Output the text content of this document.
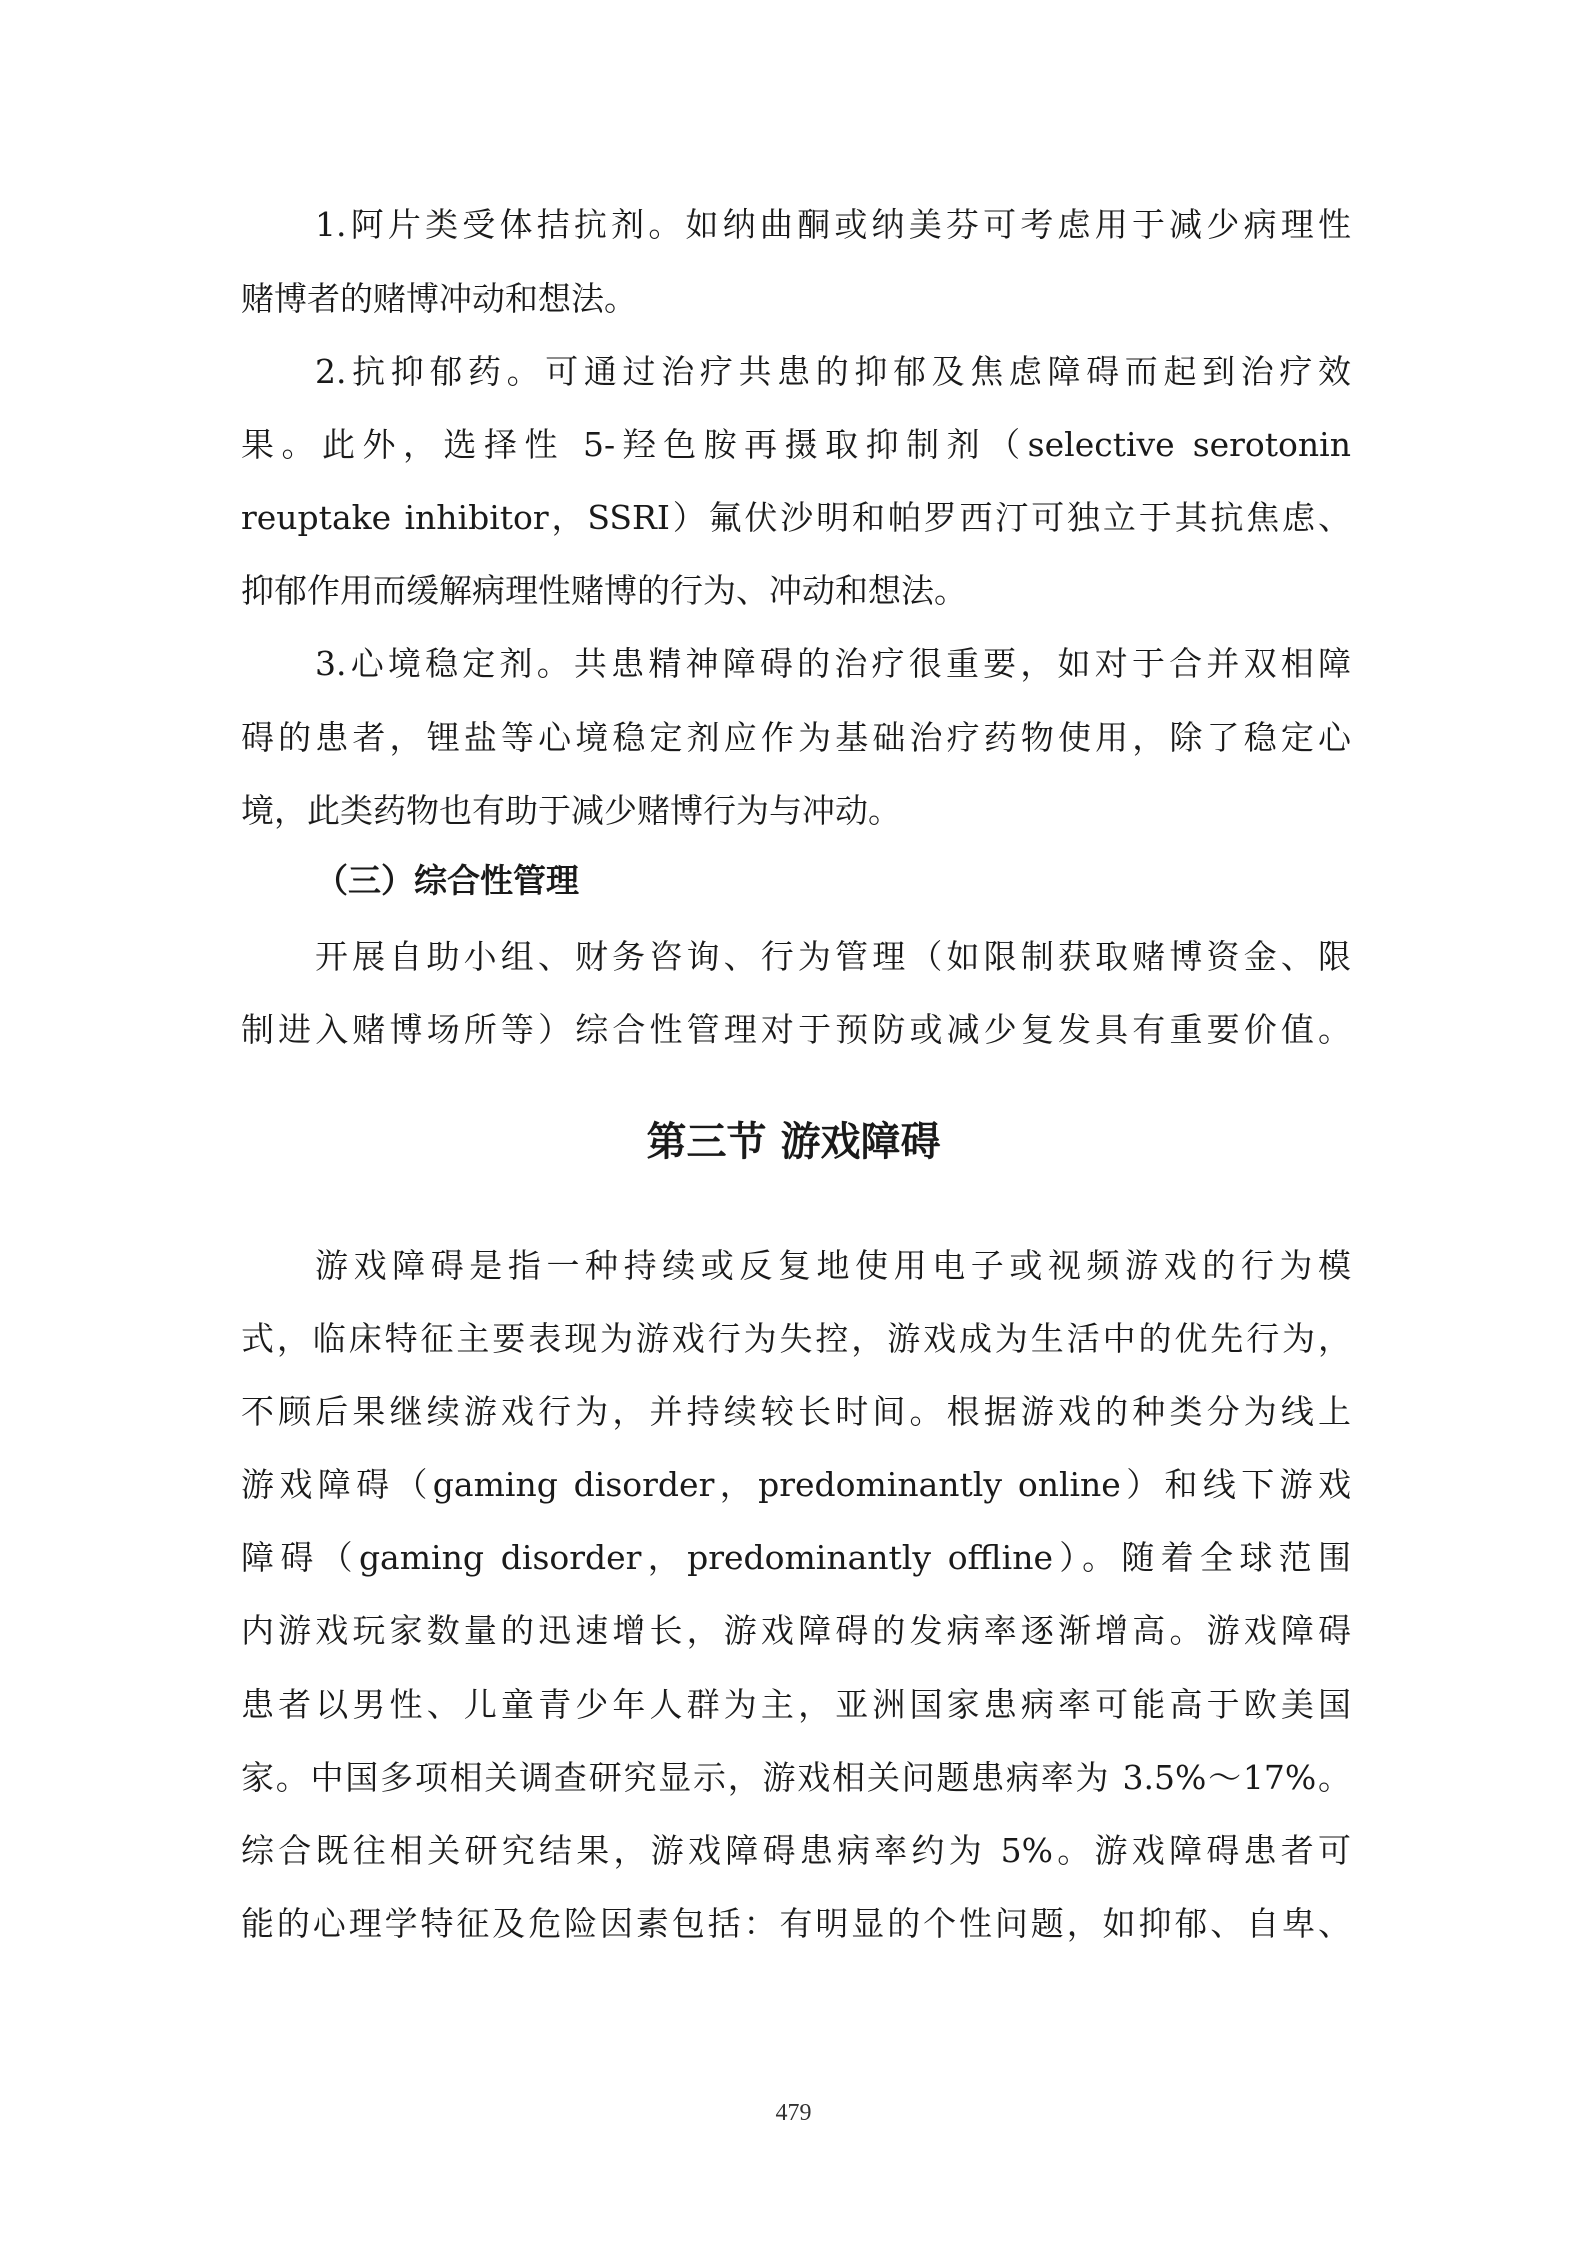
1.阿片类受体拮抗剂。如纳曲酮或纳美芬可考虑用于减少病理性
赌博者的赌博冲动和想法。
2.抗抑郁药。可通过治疗共患的抑郁及焦虑障碍而起到治疗效
果。此外，选择性 5-羟色胺再摄取抑制剂（selective serotonin
reuptake inhibitor，SSRI）氟伏沙明和帕罗西汀可独立于其抗焦虑、
抑郁作用而缓解病理性赌博的行为、冲动和想法。
3.心境稳定剂。共患精神障碍的治疗很重要，如对于合并双相障
碍的患者，锂盐等心境稳定剂应作为基础治疗药物使用，除了稳定心
境，此类药物也有助于减少赌博行为与冲动。
（三）综合性管理
开展自助小组、财务咨询、行为管理（如限制获取赌博资金、限
制进入赌博场所等）综合性管理对于预防或减少复发具有重要价值。
游戏障碍是指一种持续或反复地使用电子或视频游戏的行为模
式，临床特征主要表现为游戏行为失控，游戏成为生活中的优先行为，
不顾后果继续游戏行为，并持续较长时间。根据游戏的种类分为线上
游戏障碍（gaming disorder，predominantly online）和线下游戏
障碍（gaming disorder，predominantly offline）。随着全球范围
内游戏玩家数量的迅速增长，游戏障碍的发病率逐渐增高。游戏障碍
患者以男性、儿童青少年人群为主，亚洲国家患病率可能高于欧美国
家。中国多项相关调查研究显示，游戏相关问题患病率为 3.5%～17%。
综合既往相关研究结果，游戏障碍患病率约为 5%。游戏障碍患者可
能的心理学特征及危险因素包括：有明显的个性问题，如抑郁、自卑、
第三节 游戏障碍
479
